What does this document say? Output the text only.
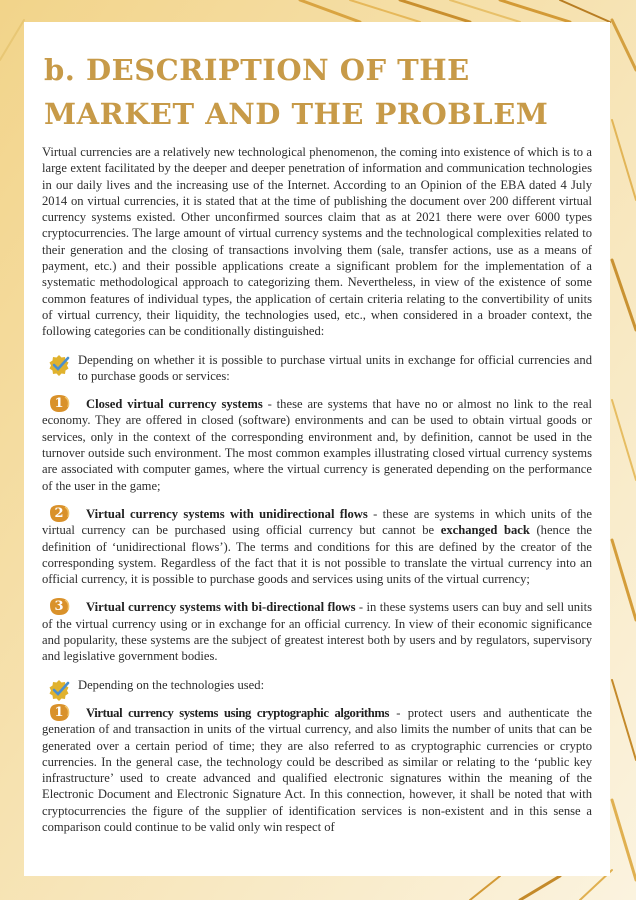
b. DESCRIPTION OF THE
MARKET AND THE PROBLEM

Virtual currencies are a relatively new technological phenomenon, the coming into existence of which is to a large extent facilitated by the deeper and deeper penetration of information and communication technologies in our daily lives and the increasing use of the Internet. According to an Opinion of the EBA dated 4 July 2014 on virtual currencies, it is stated that at the time of publishing the document over 200 different virtual currency systems existed. Other unconfirmed sources claim that as at 2021 there were over 6000 types cryptocurrencies. The large amount of virtual currency systems and the technological complexities related to their generation and the closing of transactions involving them (sale, transfer actions, use as a means of payment, etc.) and their possible applications create a significant problem for the implementation of a systematic methodological approach to categorizing them. Nevertheless, in view of the existence of some common features of individual types, the application of certain criteria relating to the convertibility of units of virtual currency, their liquidity, the technologies used, etc., when considered in a broader context, the following categories can be conditionally distinguished:

Depending on whether it is possible to purchase virtual units in exchange for official currencies and to purchase goods or services:

1	Closed virtual currency systems - these are systems that have no or almost no link to the real economy. They are offered in closed (software) environments and can be used to obtain virtual goods or services, only in the context of the corresponding environment and, by definition, cannot be used in the turnover outside such environment. The most common examples illustrating closed virtual currency systems are associated with computer games, where the virtual currency is generated depending on the performance of the user in the game;

2	Virtual currency systems with unidirectional flows - these are systems in which units of the virtual currency can be purchased using official currency but cannot be exchanged back (hence the definition of ‘unidirectional flows’). The terms and conditions for this are defined by the creator of the corresponding system. Regardless of the fact that it is not possible to translate the virtual currency into an official currency, it is possible to purchase goods and services using units of the virtual currency;

3	Virtual currency systems with bi-directional flows - in these systems users can buy and sell units of the virtual currency using or in exchange for an official currency. In view of their economic significance and popularity, these systems are the subject of greatest interest both by users and by regulators, supervisory and legislative government bodies.

Depending on the technologies used:

1	Virtual currency systems using cryptographic algorithms - protect users and authenticate the generation of and transaction in units of the virtual currency, and also limits the number of units that can be generated over a certain period of time; they are also referred to as cryptographic currencies or crypto currencies. In the general case, the technology could be described as similar or relating to the ‘public key infrastructure’ used to create advanced and qualified electronic signatures within the meaning of the Electronic Document and Electronic Signature Act. In this connection, however, it shall be noted that with cryptocurrencies the figure of the supplier of identification services is non-existent and in this sense a comparison could continue to be valid only win respect of
